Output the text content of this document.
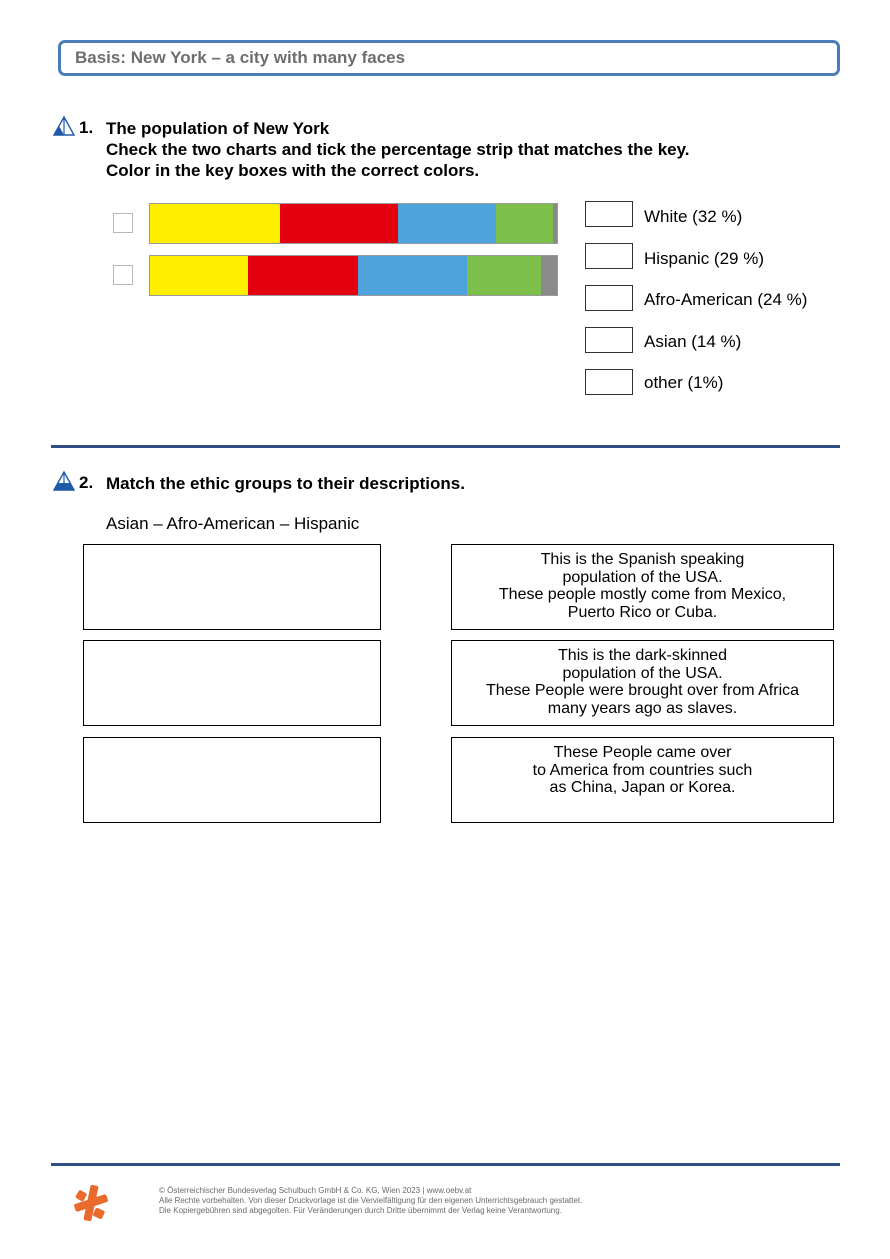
Basis: New York – a city with many faces
1. The population of New York
Check the two charts and tick the percentage strip that matches the key.
Color in the key boxes with the correct colors.
White (32 %)
Hispanic (29 %)
Afro-American (24 %)
Asian (14 %)
other (1%)
2. Match the ethic groups to their descriptions.
Asian – Afro-American – Hispanic
This is the Spanish speaking
population of the USA.
These people mostly come from Mexico,
Puerto Rico or Cuba.
This is the dark-skinned
population of the USA.
These People were brought over from Africa
many years ago as slaves.
These People came over
to America from countries such
as China, Japan or Korea.
© Österreichischer Bundesverlag Schulbuch GmbH & Co. KG, Wien 2023 | www.oebv.at
Alle Rechte vorbehalten. Von dieser Druckvorlage ist die Vervielfältigung für den eigenen Unterrichtsgebrauch gestattet.
Die Kopiergebühren sind abgegolten. Für Veränderungen durch Dritte übernimmt der Verlag keine Verantwortung.
